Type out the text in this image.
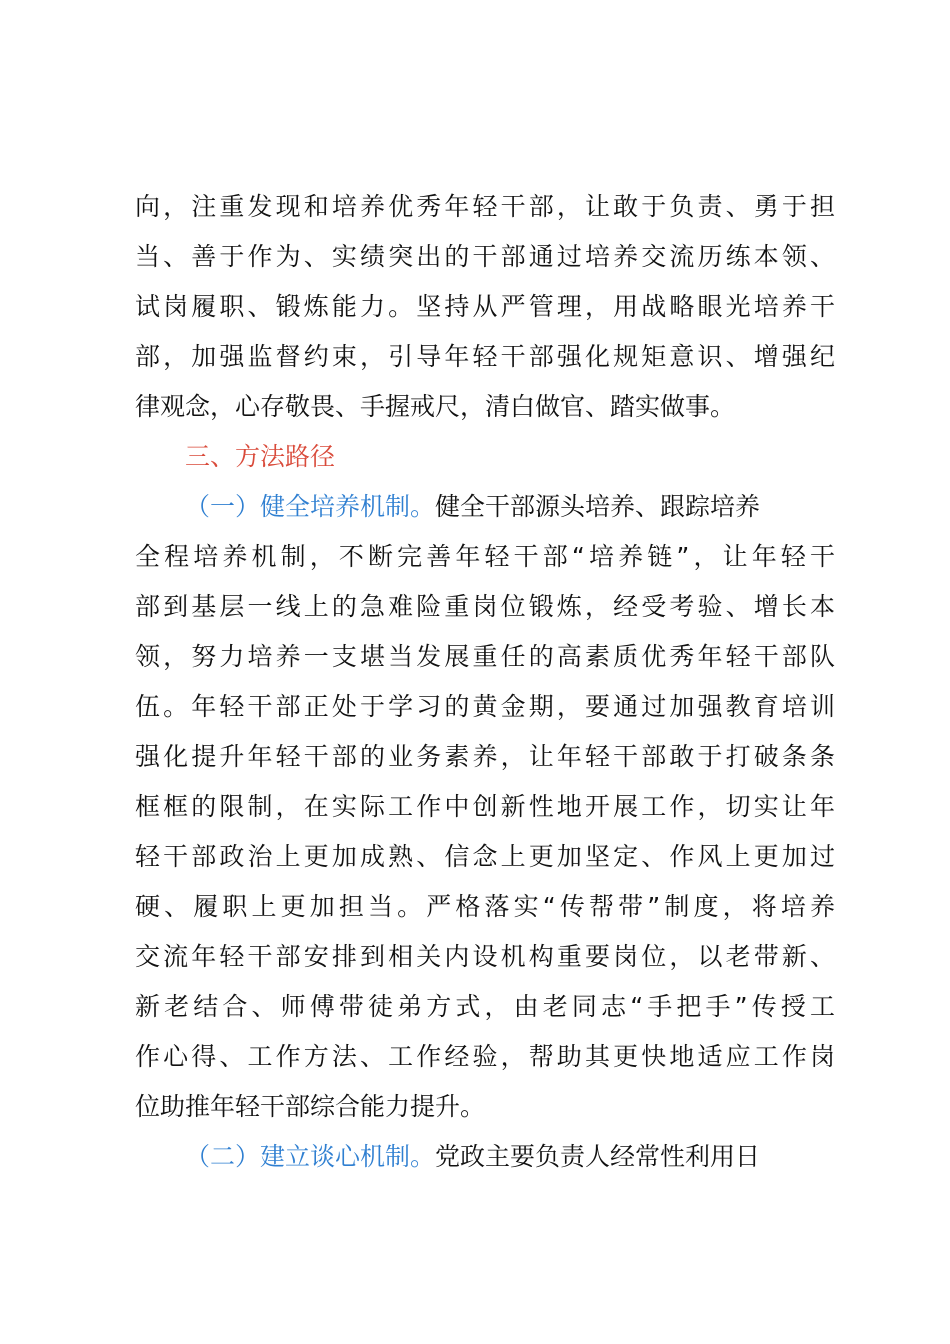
向，注重发现和培养优秀年轻干部，让敢于负责、勇于担
当、善于作为、实绩突出的干部通过培养交流历练本领、
试岗履职、锻炼能力。坚持从严管理，用战略眼光培养干
部，加强监督约束，引导年轻干部强化规矩意识、增强纪
律观念，心存敬畏、手握戒尺，清白做官、踏实做事。
三、方法路径
（一）健全培养机制。健全干部源头培养、跟踪培养
全程培养机制，不断完善年轻干部“培养链”，让年轻干
部到基层一线上的急难险重岗位锻炼，经受考验、增长本
领，努力培养一支堪当发展重任的高素质优秀年轻干部队
伍。年轻干部正处于学习的黄金期，要通过加强教育培训
强化提升年轻干部的业务素养，让年轻干部敢于打破条条
框框的限制，在实际工作中创新性地开展工作，切实让年
轻干部政治上更加成熟、信念上更加坚定、作风上更加过
硬、履职上更加担当。严格落实“传帮带”制度，将培养
交流年轻干部安排到相关内设机构重要岗位，以老带新、
新老结合、师傅带徒弟方式，由老同志“手把手”传授工
作心得、工作方法、工作经验，帮助其更快地适应工作岗
位助推年轻干部综合能力提升。
（二）建立谈心机制。党政主要负责人经常性利用日
